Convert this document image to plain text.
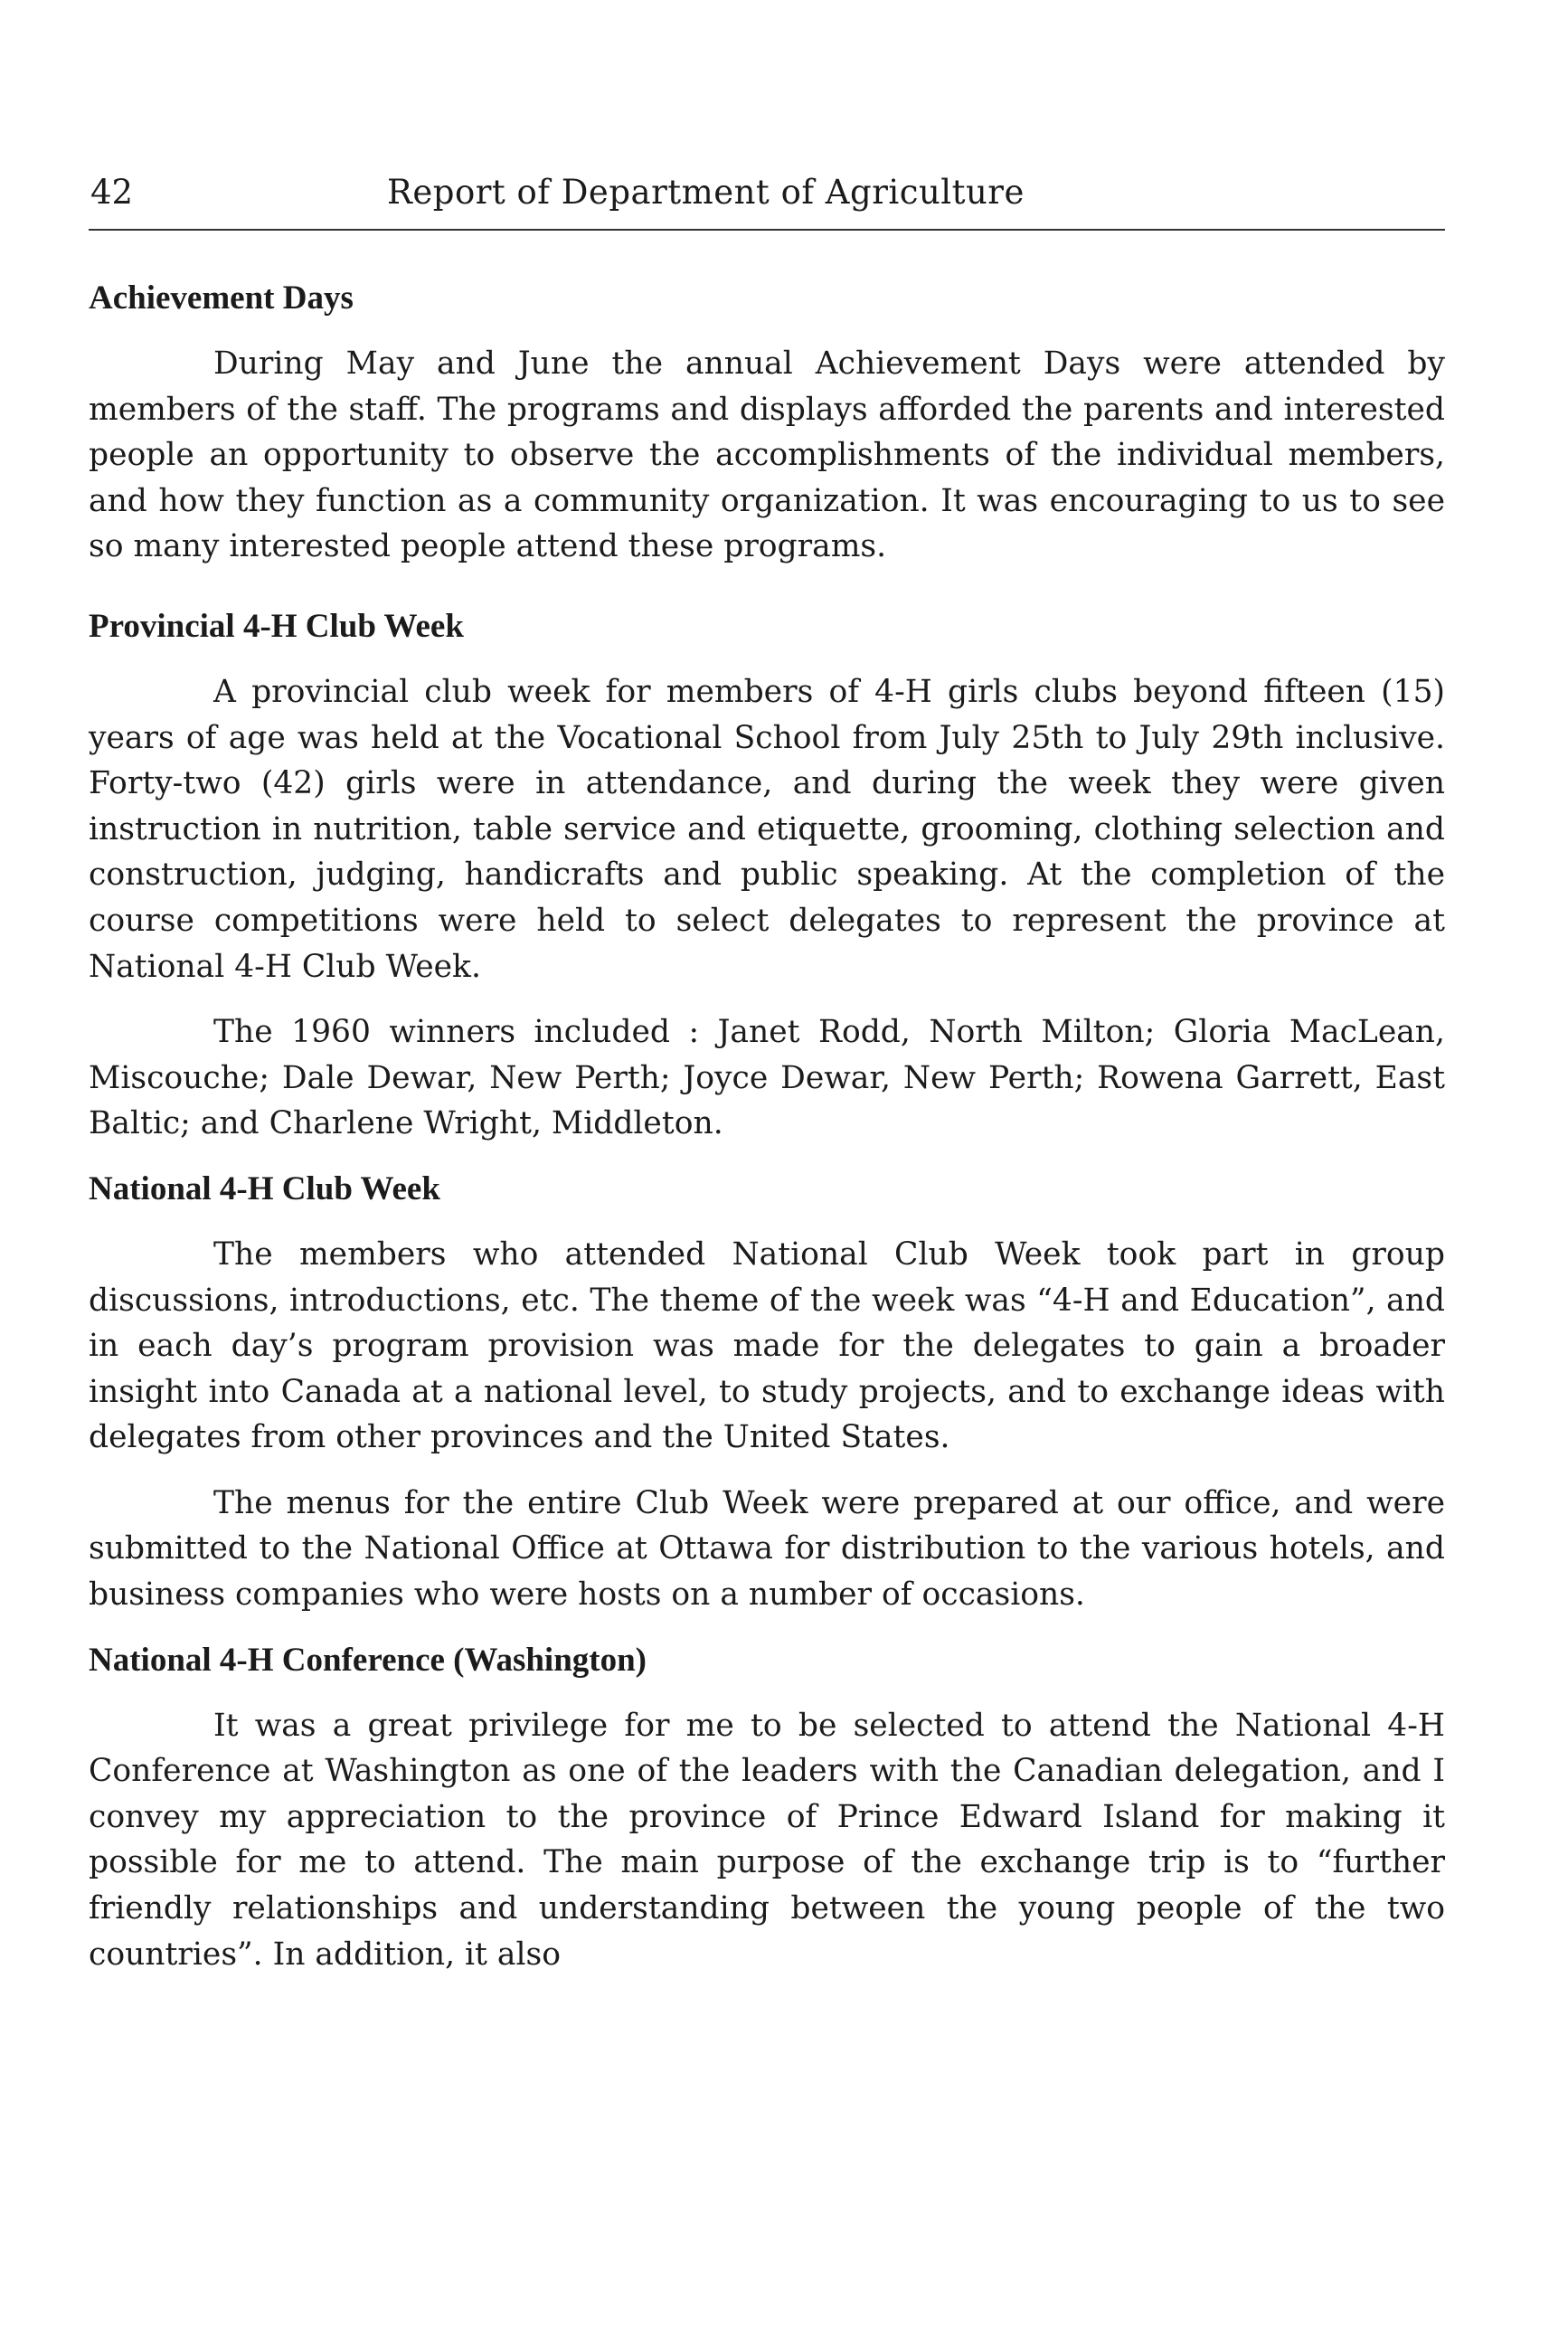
42	Report of Department of Agriculture
Achievement Days

During May and June the annual Achievement Days were attended by members of the staff. The programs and displays afforded the parents and interested people an opportunity to observe the accomplishments of the individual members, and how they function as a community organization. It was encouraging to us to see so many interested people attend these programs.

Provincial 4-H Club Week

A provincial club week for members of 4-H girls clubs beyond fifteen (15) years of age was held at the Vocational School from July 25th to July 29th inclusive. Forty-two (42) girls were in attendance, and during the week they were given instruction in nutrition, table service and etiquette, grooming, clothing selection and construction, judging, handicrafts and public speaking. At the completion of the course competitions were held to select delegates to represent the province at National 4-H Club Week.

The 1960 winners included : Janet Rodd, North Milton; Gloria MacLean, Miscouche; Dale Dewar, New Perth; Joyce Dewar, New Perth; Rowena Garrett, East Baltic; and Charlene Wright, Middleton.

National 4-H Club Week

The members who attended National Club Week took part in group discussions, introductions, etc. The theme of the week was “4-H and Education”, and in each day’s program provision was made for the delegates to gain a broader insight into Canada at a national level, to study projects, and to exchange ideas with delegates from other provinces and the United States.

The menus for the entire Club Week were prepared at our office, and were submitted to the National Office at Ottawa for distribution to the various hotels, and business companies who were hosts on a number of occasions.

National 4-H Conference (Washington)

It was a great privilege for me to be selected to attend the National 4-H Conference at Washington as one of the leaders with the Canadian delegation, and I convey my appreciation to the province of Prince Edward Island for making it possible for me to attend. The main purpose of the exchange trip is to “further friendly relationships and understanding between the young people of the two countries”. In addition, it also
